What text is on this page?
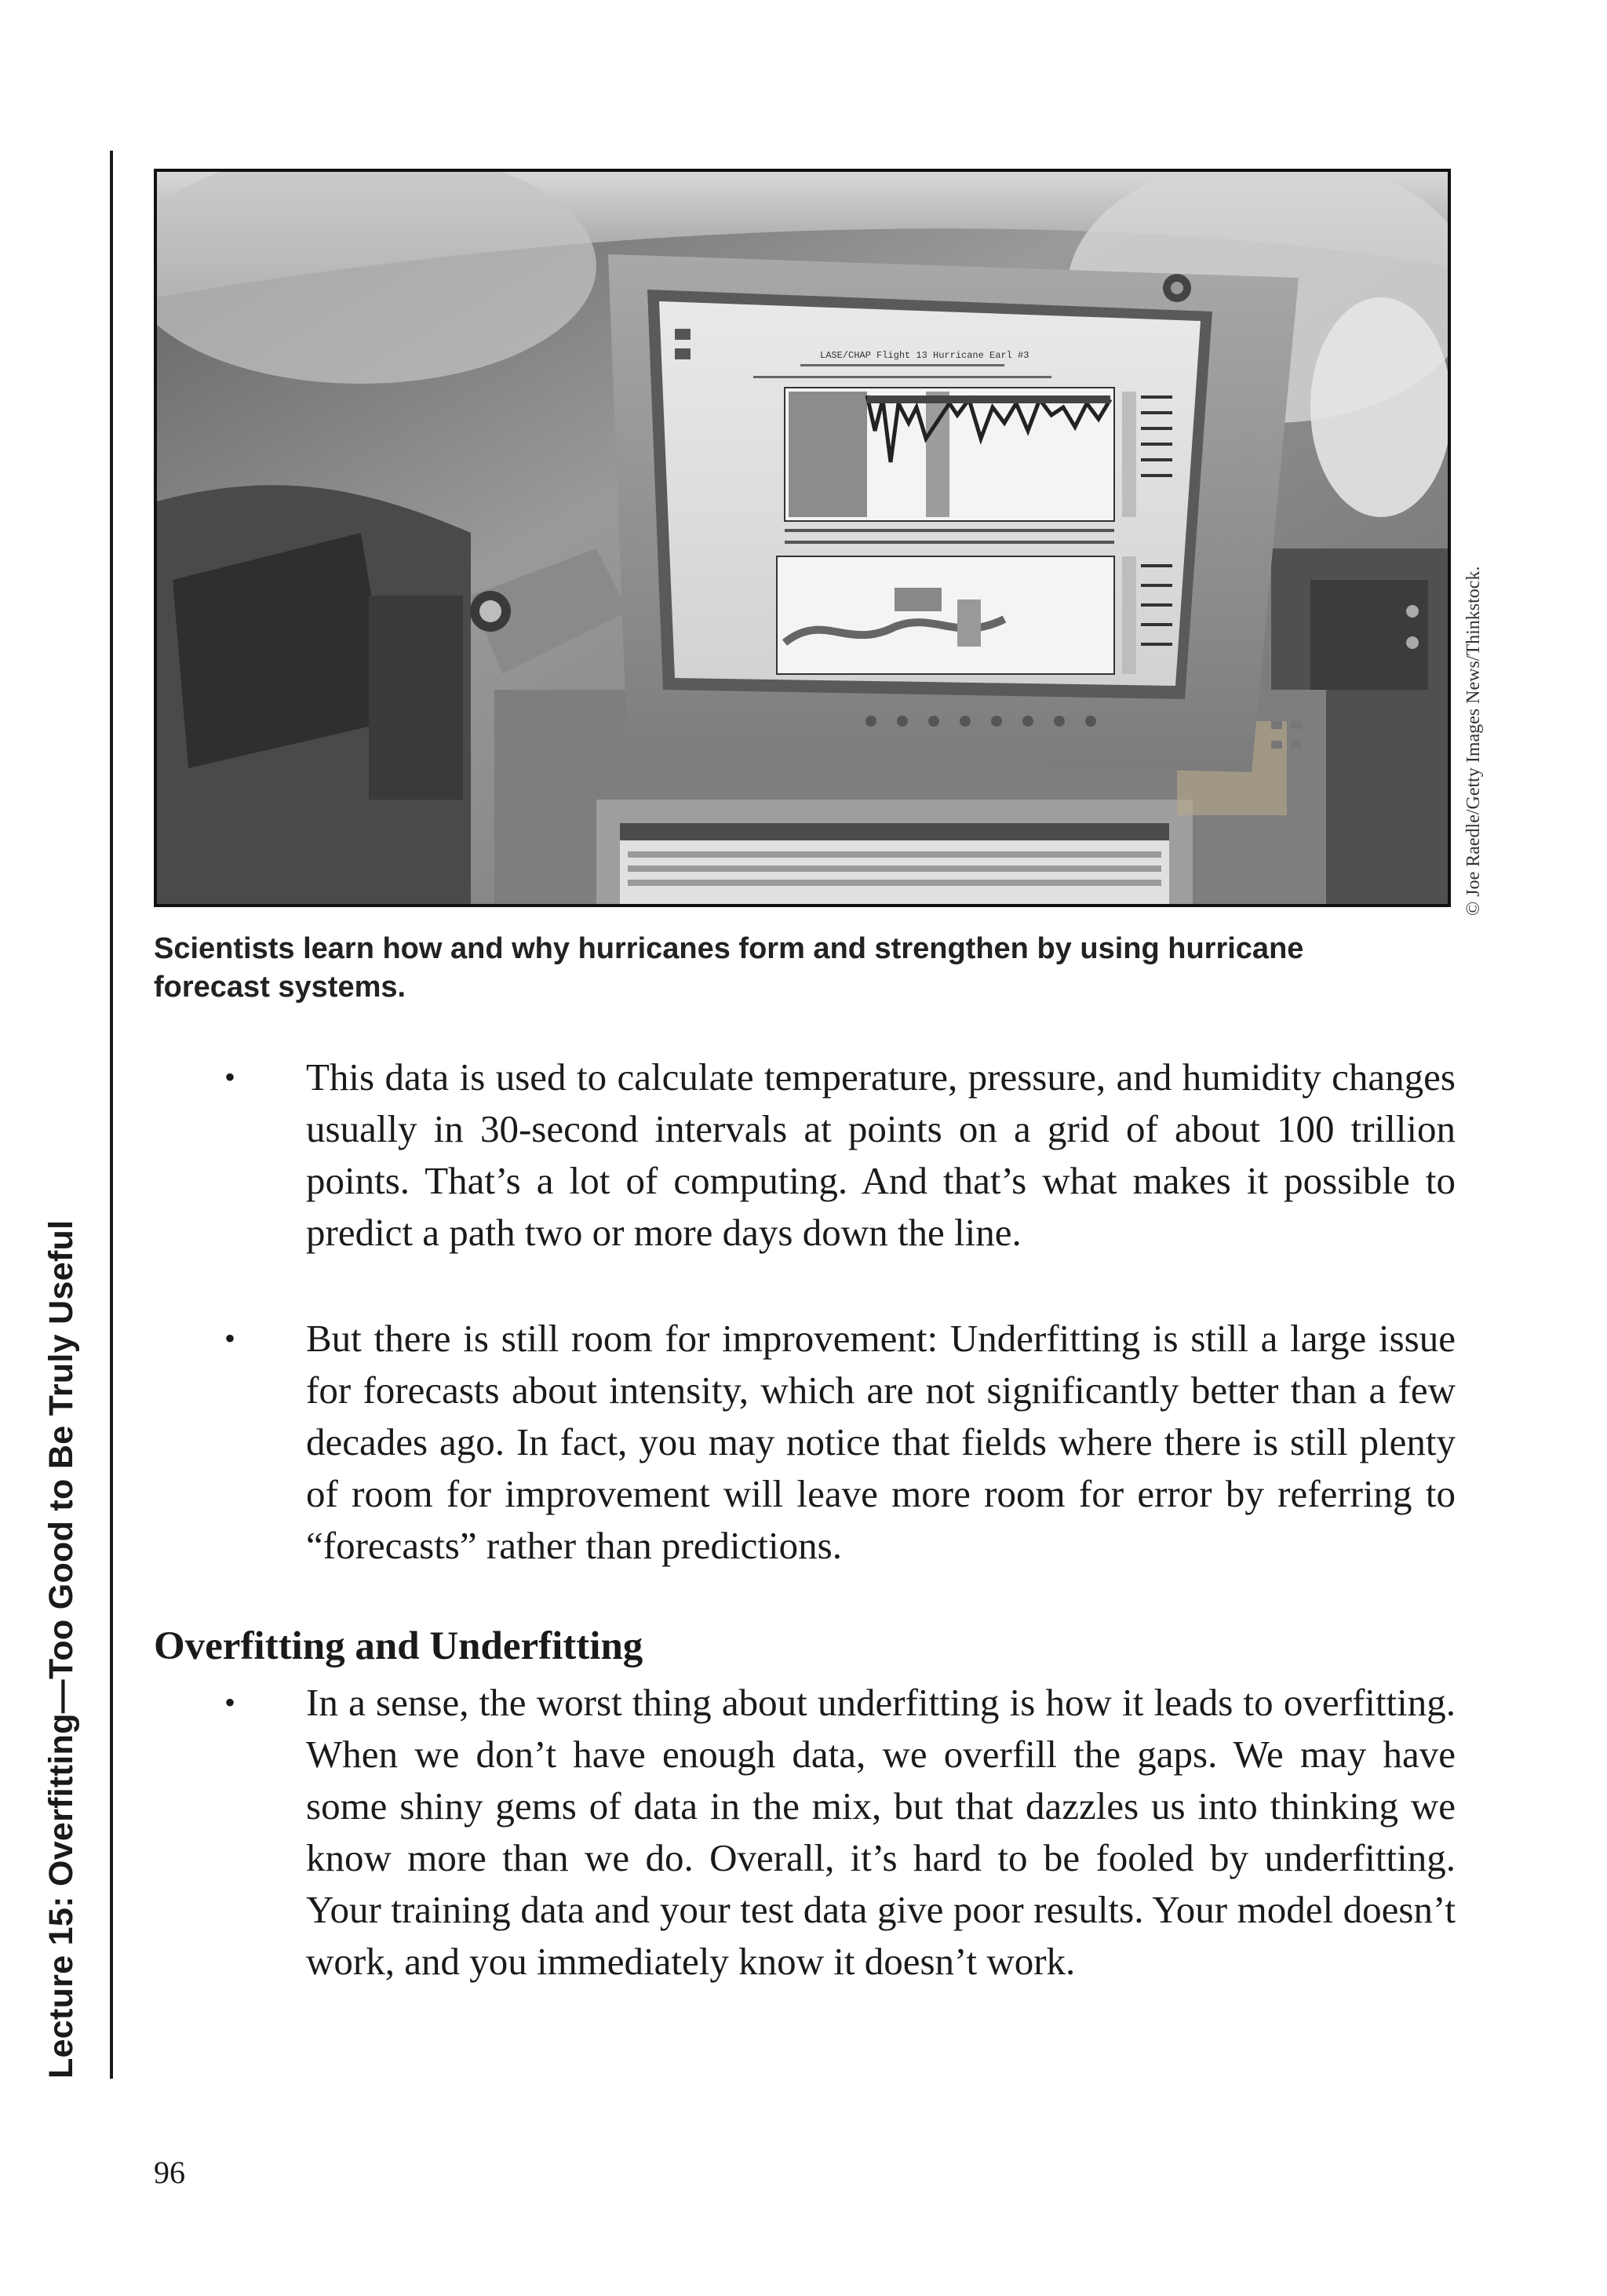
Lecture 15: Overfitting—Too Good to Be Truly Useful
LASE/CHAP Flight 13 Hurricane Earl #3
© Joe Raedle/Getty Images News/Thinkstock.
Scientists learn how and why hurricanes form and strengthen by using hurricane forecast systems.
•	This data is used to calculate temperature, pressure, and humidity changes usually in 30-second intervals at points on a grid of about 100 trillion points. That’s a lot of computing. And that’s what makes it possible to predict a path two or more days down the line.
•	But there is still room for improvement: Underfitting is still a large issue for forecasts about intensity, which are not significantly better than a few decades ago. In fact, you may notice that fields where there is still plenty of room for improvement will leave more room for error by referring to “forecasts” rather than predictions.
Overfitting and Underfitting
•	In a sense, the worst thing about underfitting is how it leads to overfitting. When we don’t have enough data, we overfill the gaps. We may have some shiny gems of data in the mix, but that dazzles us into thinking we know more than we do. Overall, it’s hard to be fooled by underfitting. Your training data and your test data give poor results. Your model doesn’t work, and you immediately know it doesn’t work.
96
